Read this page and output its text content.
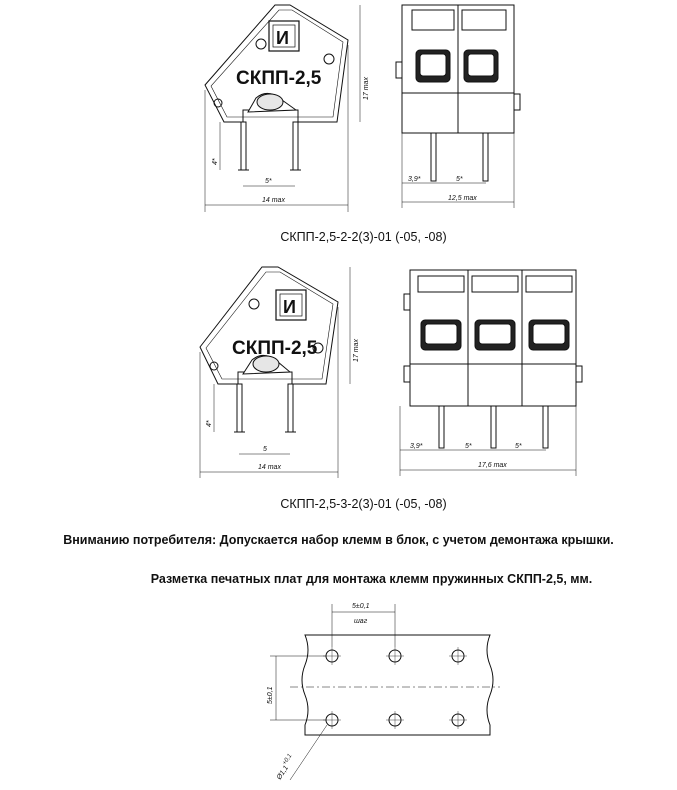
СКПП-2,5
И
5*
14 max
17 max
4*
3,9*	5*
12,5 max
СКПП-2,5-2-2(3)-01 (-05, -08)
СКПП-2,5
И
5
14 max
17 max
4*
3,9*	5*	5*
17,6 max
СКПП-2,5-3-2(3)-01 (-05, -08)
Вниманию потребителя: Допускается набор клемм в блок, с учетом демонтажа крышки.
Разметка печатных плат для монтажа клемм пружинных СКПП-2,5, мм.
5±0,1
шаг
5±0,1
Ø1,1+0,1
